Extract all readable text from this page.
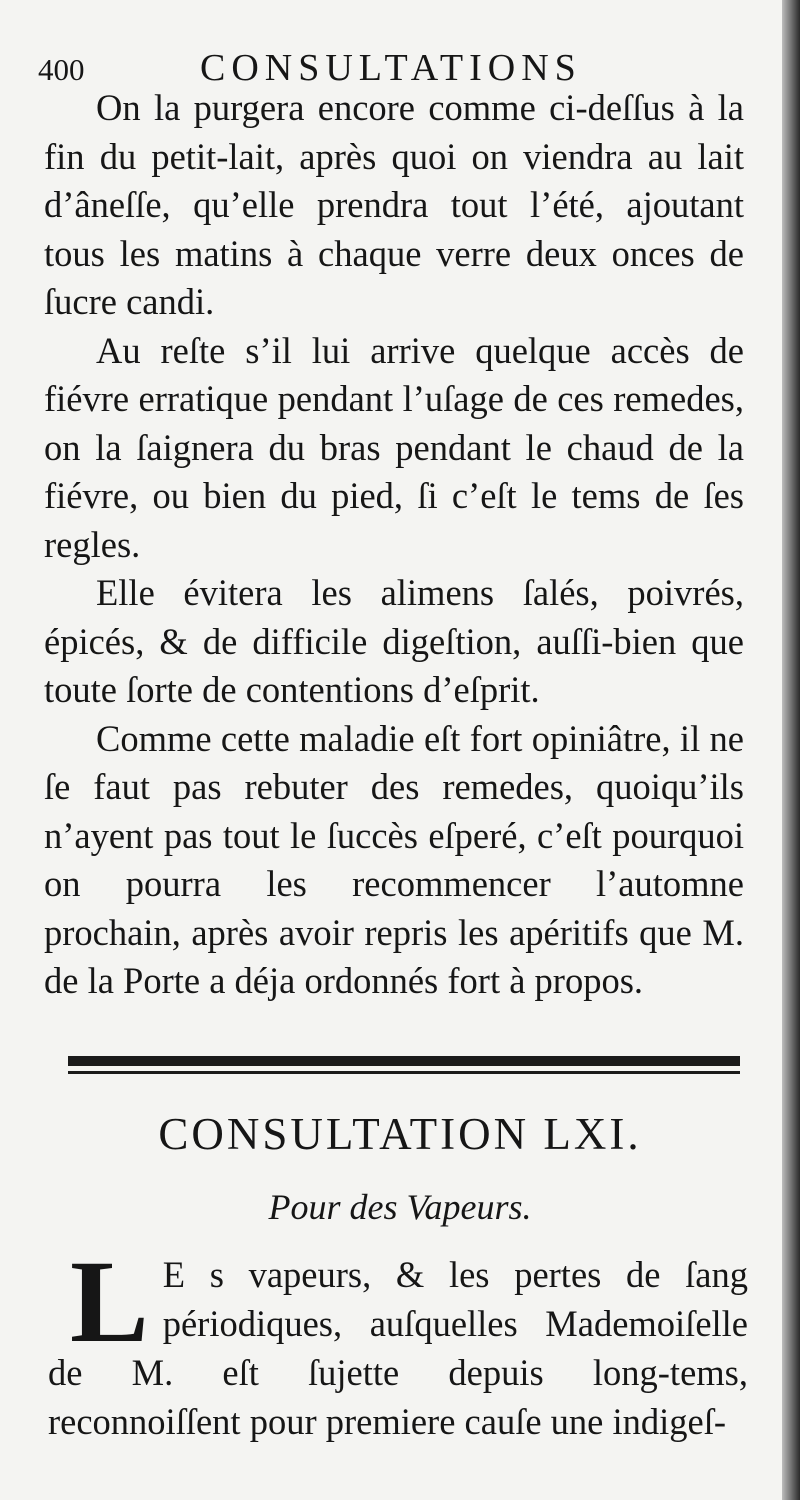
400	CONSULTATIONS

On la purgera encore comme ci-deſſus à la fin du petit-lait, après quoi on viendra au lait d’âneſſe, qu’elle prendra tout l’été, ajoutant tous les matins à chaque verre deux onces de ſucre candi.

Au reſte s’il lui arrive quelque accès de fiévre erratique pendant l’uſage de ces remedes, on la ſaignera du bras pendant le chaud de la fiévre, ou bien du pied, ſi c’eſt le tems de ſes regles.

Elle évitera les alimens ſalés, poivrés, épicés, & de difficile digeſtion, auſſi-bien que toute ſorte de contentions d’eſprit.

Comme cette maladie eſt fort opiniâtre, il ne ſe faut pas rebuter des remedes, quoiqu’ils n’ayent pas tout le ſuccès eſperé, c’eſt pourquoi on pourra les recommencer l’automne prochain, après avoir repris les apéritifs que M. de la Porte a déja ordonnés fort à propos.

CONSULTATION LXI.
Pour des Vapeurs.
L E s vapeurs, & les pertes de ſang périodiques, auſquelles Mademoiſelle de M. eſt ſujette depuis long-tems, reconnoiſſent pour premiere cauſe une indigeſ-
